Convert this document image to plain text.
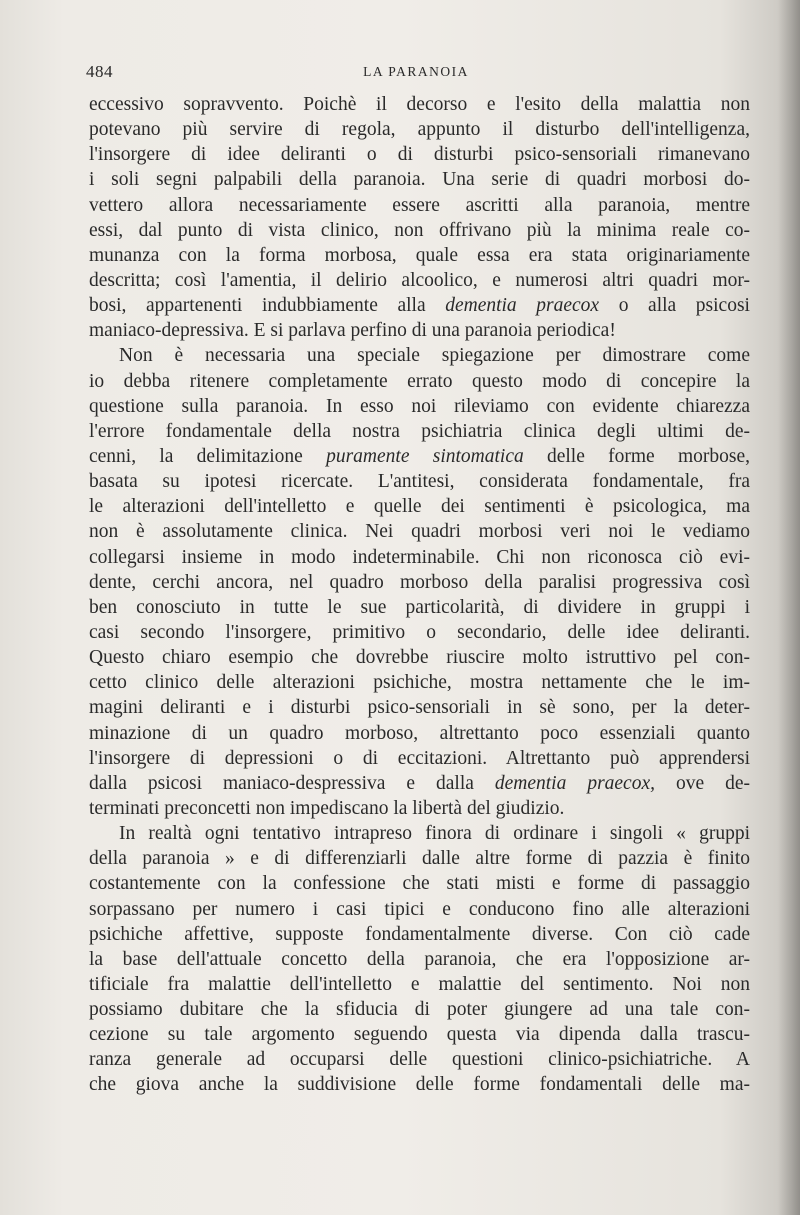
484	LA PARANOIA
eccessivo sopravvento. Poichè il decorso e l'esito della malattia non
potevano più servire di regola, appunto il disturbo dell'intelligenza,
l'insorgere di idee deliranti o di disturbi psico-sensoriali rimanevano
i soli segni palpabili della paranoia. Una serie di quadri morbosi do-
vettero allora necessariamente essere ascritti alla paranoia, mentre
essi, dal punto di vista clinico, non offrivano più la minima reale co-
munanza con la forma morbosa, quale essa era stata originariamente
descritta; così l'amentia, il delirio alcoolico, e numerosi altri quadri mor-
bosi, appartenenti indubbiamente alla dementia praecox o alla psicosi
maniaco-depressiva. E si parlava perfino di una paranoia periodica!
Non è necessaria una speciale spiegazione per dimostrare come
io debba ritenere completamente errato questo modo di concepire la
questione sulla paranoia. In esso noi rileviamo con evidente chiarezza
l'errore fondamentale della nostra psichiatria clinica degli ultimi de-
cenni, la delimitazione puramente sintomatica delle forme morbose,
basata su ipotesi ricercate. L'antitesi, considerata fondamentale, fra
le alterazioni dell'intelletto e quelle dei sentimenti è psicologica, ma
non è assolutamente clinica. Nei quadri morbosi veri noi le vediamo
collegarsi insieme in modo indeterminabile. Chi non riconosca ciò evi-
dente, cerchi ancora, nel quadro morboso della paralisi progressiva così
ben conosciuto in tutte le sue particolarità, di dividere in gruppi i
casi secondo l'insorgere, primitivo o secondario, delle idee deliranti.
Questo chiaro esempio che dovrebbe riuscire molto istruttivo pel con-
cetto clinico delle alterazioni psichiche, mostra nettamente che le im-
magini deliranti e i disturbi psico-sensoriali in sè sono, per la deter-
minazione di un quadro morboso, altrettanto poco essenziali quanto
l'insorgere di depressioni o di eccitazioni. Altrettanto può apprendersi
dalla psicosi maniaco-despressiva e dalla dementia praecox, ove de-
terminati preconcetti non impediscano la libertà del giudizio.
In realtà ogni tentativo intrapreso finora di ordinare i singoli « gruppi
della paranoia » e di differenziarli dalle altre forme di pazzia è finito
costantemente con la confessione che stati misti e forme di passaggio
sorpassano per numero i casi tipici e conducono fino alle alterazioni
psichiche affettive, supposte fondamentalmente diverse. Con ciò cade
la base dell'attuale concetto della paranoia, che era l'opposizione ar-
tificiale fra malattie dell'intelletto e malattie del sentimento. Noi non
possiamo dubitare che la sfiducia di poter giungere ad una tale con-
cezione su tale argomento seguendo questa via dipenda dalla trascu-
ranza generale ad occuparsi delle questioni clinico-psichiatriche. A
che giova anche la suddivisione delle forme fondamentali delle ma-
